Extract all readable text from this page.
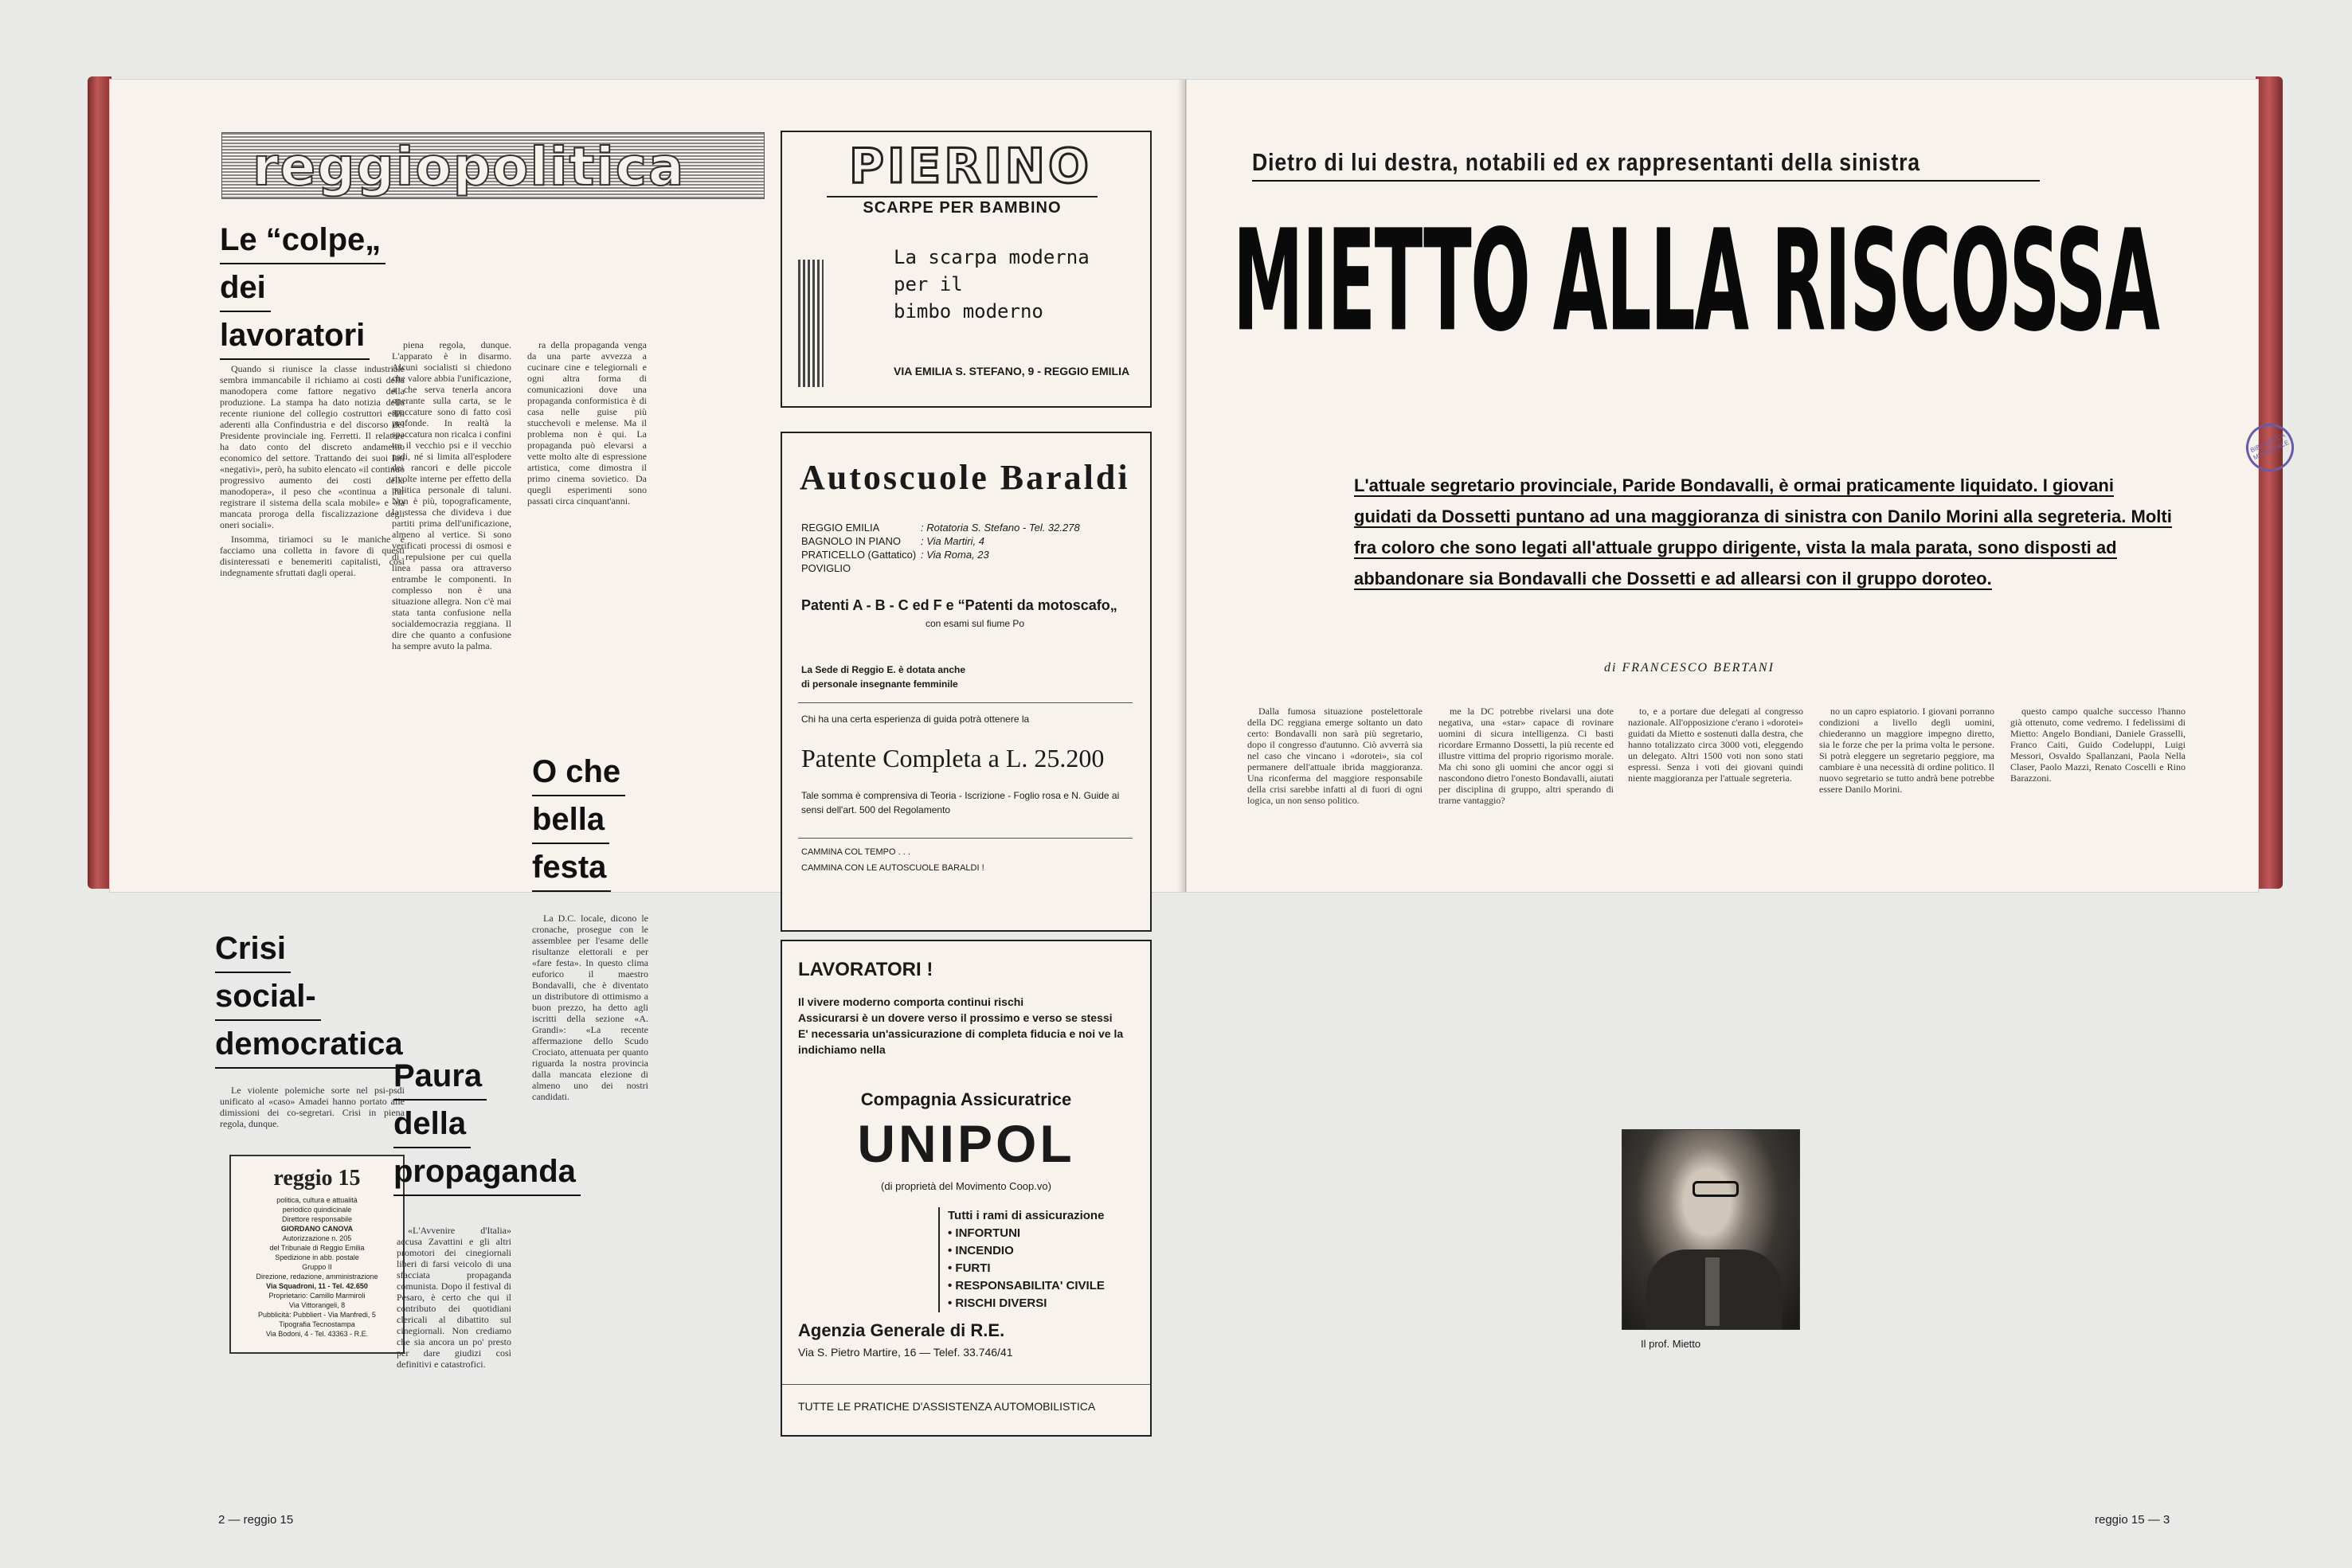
reggiopolitica
Le “colpe„
dei
lavoratori

Quando si riunisce la classe industriale sembra immancabile il richiamo ai costi della manodopera come fattore negativo della produzione. La stampa ha dato notizia della recente riunione del collegio costruttori edili aderenti alla Confindustria e del discorso del Presidente provinciale ing. Ferretti. Il relatore ha dato conto del discreto andamento economico del settore. Trattando dei suoi lati «negativi», però, ha subito elencato «il continuo progressivo aumento dei costi della manodopera», il peso che «continua a far registrare il sistema della scala mobile» e «la mancata proroga della fiscalizzazione degli oneri sociali».

Insomma, tiriamoci su le maniche e facciamo una colletta in favore di questi disinteressati e benemeriti capitalisti, così indegnamente sfruttati dagli operai.

Crisi
social-
democratica

Le violente polemiche sorte nel psi-psdi unificato al «caso» Amadei hanno portato alle dimissioni dei co-segretari. Crisi in piena regola, dunque.

reggio 15
politica, cultura e attualità
periodico quindicinale
Direttore responsabile
GIORDANO CANOVA
Autorizzazione n. 205
del Tribunale di Reggio Emilia
Spedizione in abb. postale
Gruppo II
Direzione, redazione, amministrazione
Via Squadroni, 11 - Tel. 42.650
Proprietario: Camillo Marmiroli
Via Vittorangeli, 8
Pubblicità: Pubbliert - Via Manfredi, 5
Tipografia Tecnostampa
Via Bodoni, 4 - Tel. 43363 - R.E.

piena regola, dunque. L'apparato è in disarmo. Alcuni socialisti si chiedono che valore abbia l'unificazione, a che serva tenerla ancora operante sulla carta, se le spaccature sono di fatto così profonde. In realtà la spaccatura non ricalca i confini tra il vecchio psi e il vecchio psdi, né si limita all'esplodere dei rancori e delle piccole rivolte interne per effetto della politica personale di taluni. Non è più, topograficamente, la stessa che divideva i due partiti prima dell'unificazione, almeno al vertice. Si sono verificati processi di osmosi e di repulsione per cui quella linea passa ora attraverso entrambe le componenti. In complesso non è una situazione allegra. Non c'è mai stata tanta confusione nella socialdemocrazia reggiana. Il dire che quanto a confusione ha sempre avuto la palma.

Paura
della
propaganda

«L'Avvenire d'Italia» accusa Zavattini e gli altri promotori dei cinegiornali liberi di farsi veicolo di una sfacciata propaganda comunista. Dopo il festival di Pesaro, è certo che qui il contributo dei quotidiani clericali al dibattito sul cinegiornali. Non crediamo che sia ancora un po' presto per dare giudizi così definitivi e catastrofici.

ra della propaganda venga da una parte avvezza a cucinare cine e telegiornali e ogni altra forma di comunicazioni dove una propaganda conformistica è di casa nelle guise più stucchevoli e melense. Ma il problema non è qui. La propaganda può elevarsi a vette molto alte di espressione artistica, come dimostra il primo cinema sovietico. Da quegli esperimenti sono passati circa cinquant'anni.

O che
bella
festa

La D.C. locale, dicono le cronache, prosegue con le assemblee per l'esame delle risultanze elettorali e per «fare festa». In questo clima euforico il maestro Bondavalli, che è diventato un distributore di ottimismo a buon prezzo, ha detto agli iscritti della sezione «A. Grandi»: «La recente affermazione dello Scudo Crociato, attenuata per quanto riguarda la nostra provincia dalla mancata elezione di almeno uno dei nostri candidati.

2 — reggio 15
PIERINO
SCARPE PER BAMBINO
La scarpa moderna
per il
bimbo moderno
VIA EMILIA S. STEFANO, 9 - REGGIO EMILIA
Autoscuole Baraldi
REGGIO EMILIA	: Rotatoria S. Stefano - Tel. 32.278
BAGNOLO IN PIANO : Via Martiri, 4
PRATICELLO (Gattatico) : Via Roma, 23
POVIGLIO
Patenti A - B - C ed F e “Patenti da motoscafo„
con esami sul fiume Po
La Sede di Reggio E. è dotata anche
di personale insegnante femminile
Chi ha una certa esperienza di guida potrà ottenere la
Patente Completa a L. 25.200
Tale somma è comprensiva di Teoria - Iscrizione - Foglio rosa e N. Guide ai sensi dell'art. 500 del Regolamento
CAMMINA COL TEMPO . . .
CAMMINA CON LE AUTOSCUOLE BARALDI !
LAVORATORI !
Il vivere moderno comporta continui rischi
Assicurarsi è un dovere verso il prossimo e verso se stessi
E' necessaria un'assicurazione di completa fiducia e noi ve la indichiamo nella
Compagnia Assicuratrice
UNIPOL
(di proprietà del Movimento Coop.vo)
Tutti i rami di assicurazione
• INFORTUNI
• INCENDIO
• FURTI
• RESPONSABILITA' CIVILE
• RISCHI DIVERSI
Agenzia Generale di R.E.
Via S. Pietro Martire, 16 — Telef. 33.746/41
TUTTE LE PRATICHE D'ASSISTENZA AUTOMOBILISTICA
Dietro di lui destra, notabili ed ex rappresentanti della sinistra
MIETTO ALLA RISCOSSA
BIBLIOTECA MUNICIPALE
L'attuale segretario provinciale, Paride Bondavalli, è ormai praticamente liquidato. I giovani guidati da Dossetti puntano ad una maggioranza di sinistra con Danilo Morini alla segreteria. Molti fra coloro che sono legati all'attuale gruppo dirigente, vista la mala parata, sono disposti ad abbandonare sia Bondavalli che Dossetti e ad allearsi con il gruppo doroteo.
di FRANCESCO BERTANI

Dalla fumosa situazione postelettorale della DC reggiana emerge soltanto un dato certo: Bondavalli non sarà più segretario, dopo il congresso d'autunno. Ciò avverrà sia nel caso che vincano i «dorotei», sia col permanere dell'attuale ibrida maggioranza. Una riconferma del maggiore responsabile della crisi sarebbe infatti al di fuori di ogni logica, un non senso politico.

me la DC potrebbe rivelarsi una dote negativa, una «star» capace di rovinare uomini di sicura intelligenza. Ci basti ricordare Ermanno Dossetti, la più recente ed illustre vittima del proprio rigorismo morale. Ma chi sono gli uomini che ancor oggi si nascondono dietro l'onesto Bondavalli, aiutati per disciplina di gruppo, altri sperando di trarne vantaggio?

to, e a portare due delegati al congresso nazionale. All'opposizione c'erano i «dorotei» guidati da Mietto e sostenuti dalla destra, che hanno totalizzato circa 3000 voti, eleggendo un delegato. Altri 1500 voti non sono stati espressi. Senza i voti dei giovani quindi niente maggioranza per l'attuale segreteria.

no un capro espiatorio. I giovani porranno condizioni a livello degli uomini, chiederanno un maggiore impegno diretto, sia le forze che per la prima volta le persone. Si potrà eleggere un segretario peggiore, ma cambiare è una necessità di ordine politico. Il nuovo segretario se tutto andrà bene potrebbe essere Danilo Morini.

questo campo qualche successo l'hanno già ottenuto, come vedremo. I fedelissimi di Mietto: Angelo Bondiani, Daniele Grasselli, Franco Caiti, Guido Codeluppi, Luigi Messori, Osvaldo Spallanzani, Paola Nella Claser, Paolo Mazzi, Renato Coscelli e Rino Barazzoni.

Il prof. Mietto
reggio 15 — 3
